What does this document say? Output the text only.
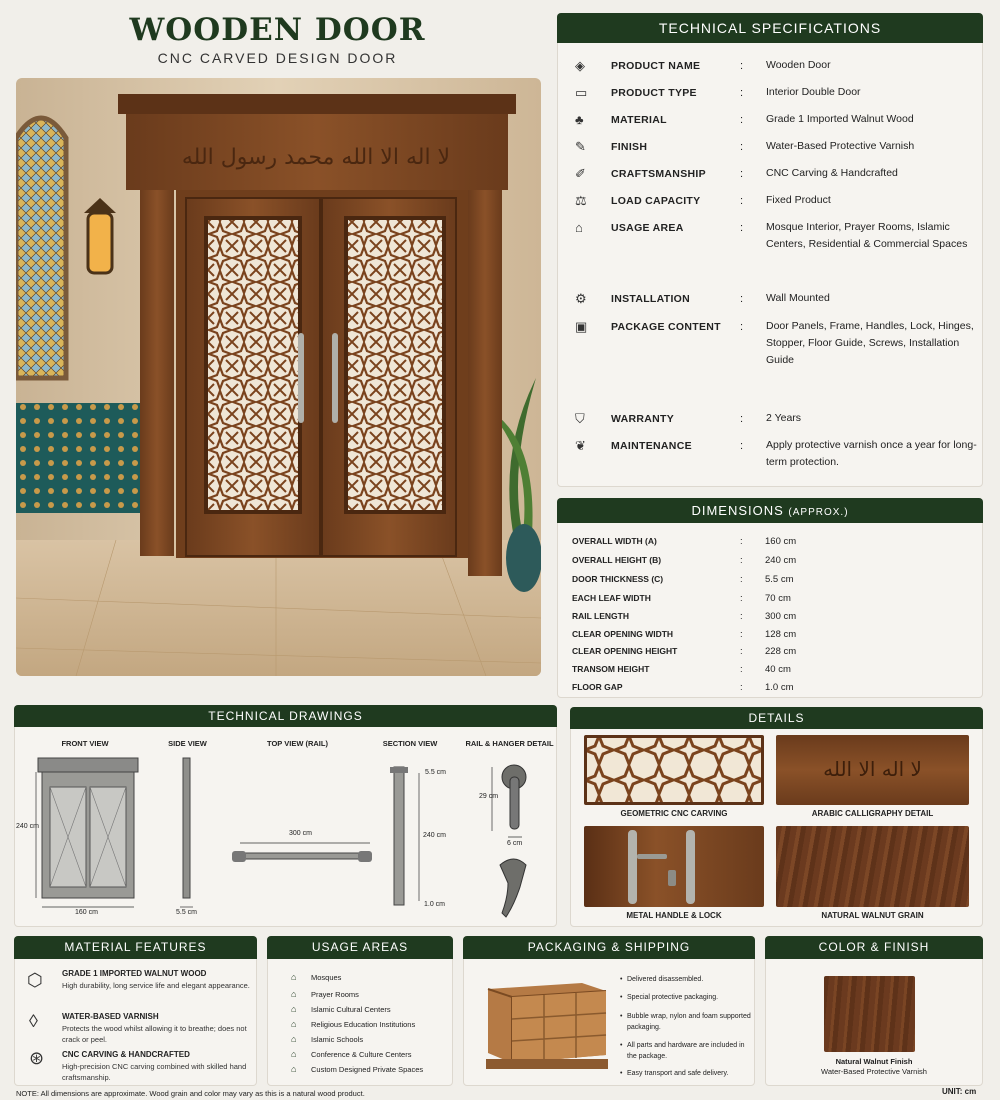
WOODEN DOOR
CNC CARVED DESIGN DOOR
لا اله الا الله محمد رسول الله
TECHNICAL SPECIFICATIONS
◈	PRODUCT NAME	: Wooden Door
▭	PRODUCT TYPE	: Interior Double Door
♣	MATERIAL	: Grade 1 Imported Walnut Wood
✎	FINISH	: Water-Based Protective Varnish
✐	CRAFTSMANSHIP	: CNC Carving & Handcrafted
⚖	LOAD CAPACITY	: Fixed Product
⌂	USAGE AREA	: Mosque Interior, Prayer Rooms, Islamic Centers, Residential & Commercial Spaces
⚙	INSTALLATION	: Wall Mounted
▣	PACKAGE CONTENT : Door Panels, Frame, Handles, Lock, Hinges, Stopper, Floor Guide, Screws, Installation Guide
⛉	WARRANTY	: 2 Years
❦	MAINTENANCE	: Apply protective varnish once a year for long-term protection.
DIMENSIONS (APPROX.)
OVERALL WIDTH (A)	: 160 cm
OVERALL HEIGHT (B)	: 240 cm
DOOR THICKNESS (C)	: 5.5 cm
EACH LEAF WIDTH	: 70 cm
RAIL LENGTH	: 300 cm
CLEAR OPENING WIDTH	: 128 cm
CLEAR OPENING HEIGHT	: 228 cm
TRANSOM HEIGHT	: 40 cm
FLOOR GAP	: 1.0 cm
TECHNICAL DRAWINGS
FRONT VIEW	SIDE VIEW	TOP VIEW (RAIL)	SECTION VIEW	RAIL & HANGER DETAIL
240 cm
160 cm	5.5 cm
300 cm
5.5 cm
240 cm
1.0 cm
29 cm
6 cm
DETAILS
لا اله الا الله
GEOMETRIC CNC CARVING	ARABIC CALLIGRAPHY DETAIL
METAL HANDLE & LOCK	NATURAL WALNUT GRAIN
MATERIAL FEATURES
⬡ GRADE 1 IMPORTED WALNUT WOOD
High durability, long service life and elegant appearance.
◊	WATER-BASED VARNISH
Protects the wood whilst allowing it to breathe; does not crack or peel.
⊛ CNC CARVING & HANDCRAFTED
High-precision CNC carving combined with skilled hand craftsmanship.
USAGE AREAS
⌂ Mosques
⌂ Prayer Rooms
⌂ Islamic Cultural Centers
⌂ Religious Education Institutions
⌂ Islamic Schools
⌂ Conference & Culture Centers
⌂ Custom Designed Private Spaces
PACKAGING & SHIPPING
• Delivered disassembled.
• Special protective packaging.
• Bubble wrap, nylon and foam supported packaging.
• All parts and hardware are included in the package.
• Easy transport and safe delivery.
COLOR & FINISH
Natural Walnut Finish
Water-Based Protective Varnish
NOTE: All dimensions are approximate. Wood grain and color may vary as this is a natural wood product.	UNIT: cm
